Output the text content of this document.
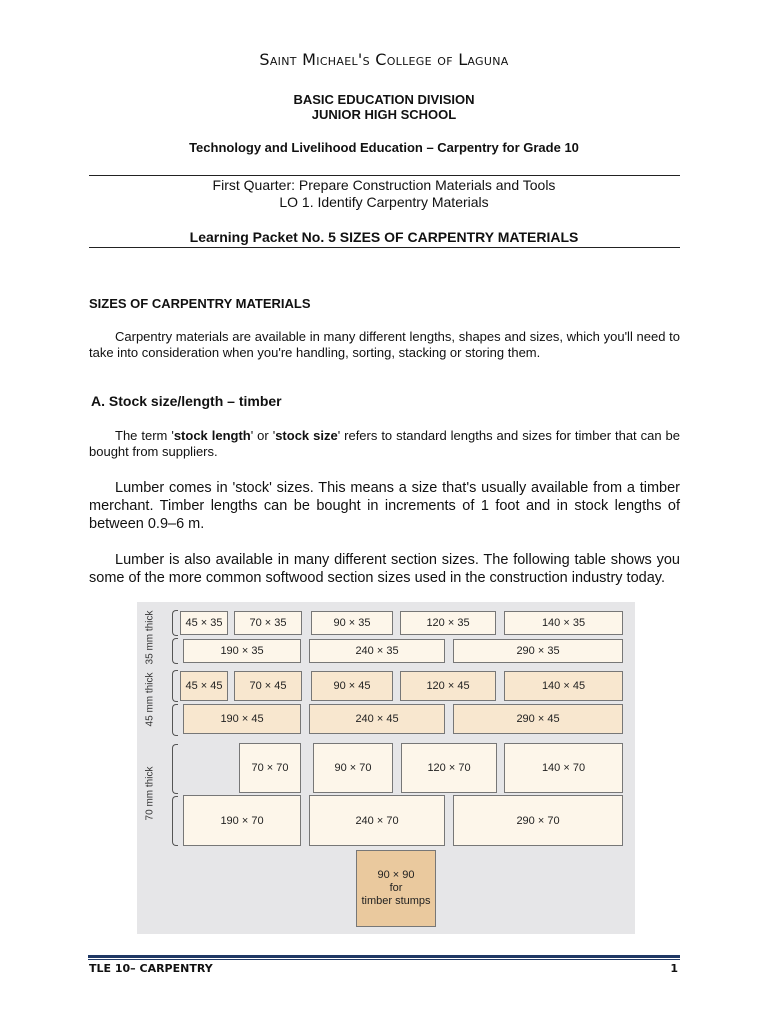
Saint Michael's College of Laguna
BASIC EDUCATION DIVISION
JUNIOR HIGH SCHOOL
Technology and Livelihood Education – Carpentry for Grade 10
First Quarter: Prepare Construction Materials and Tools
LO 1. Identify Carpentry Materials
Learning Packet No. 5 SIZES OF CARPENTRY MATERIALS
SIZES OF CARPENTRY MATERIALS
Carpentry materials are available in many different lengths, shapes and sizes, which you'll need to take into consideration when you're handling, sorting, stacking or storing them.
A. Stock size/length – timber
The term 'stock length' or 'stock size' refers to standard lengths and sizes for timber that can be bought from suppliers.
Lumber comes in 'stock' sizes. This means a size that's usually available from a timber merchant. Timber lengths can be bought in increments of 1 foot and in stock lengths of between 0.9–6 m.
Lumber is also available in many different section sizes. The following table shows you some of the more common softwood section sizes used in the construction industry today.
35 mm thick
45 mm thick
70 mm thick
45 × 35	70 × 35	90 × 35	120 × 35	140 × 35
190 × 35	240 × 35	290 × 35
45 × 45	70 × 45	90 × 45	120 × 45	140 × 45
190 × 45	240 × 45	290 × 45
70 × 70	90 × 70	120 × 70	140 × 70
190 × 70	240 × 70	290 × 70
90 × 90
for
timber stumps
TLE 10– CARPENTRY	1
